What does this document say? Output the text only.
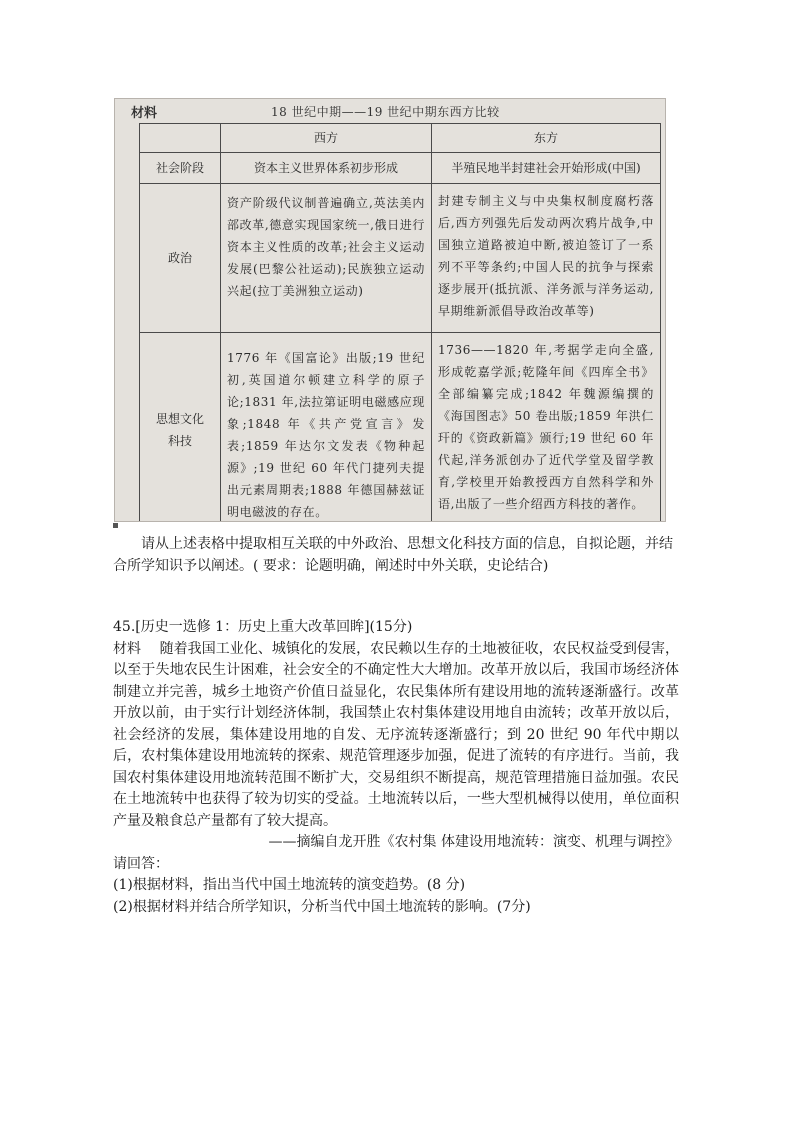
材料	18 世纪中期——19 世纪中期东西方比较
	西方	东方
社会阶段	资本主义世界体系初步形成	半殖民地半封建社会开始形成(中国)

政治	资产阶级代议制普遍确立,英法美内部改革,德意实现国家统一,俄日进行资本主义性质的改革;社会主义运动发展(巴黎公社运动);民族独立运动兴起(拉丁美洲独立运动)	封建专制主义与中央集权制度腐朽落后,西方列强先后发动两次鸦片战争,中国独立道路被迫中断,被迫签订了一系列不平等条约;中国人民的抗争与探索逐步展开(抵抗派、洋务派与洋务运动,早期维新派倡导政治改革等)

思想文化科技	1776 年《国富论》出版;19 世纪初,英国道尔顿建立科学的原子论;1831 年,法拉第证明电磁感应现象;1848 年《共产党宣言》发表;1859 年达尔文发表《物种起源》;19 世纪 60 年代门捷列夫提出元素周期表;1888 年德国赫兹证明电磁波的存在。	1736——1820 年,考据学走向全盛,形成乾嘉学派;乾隆年间《四库全书》全部编纂完成;1842 年魏源编撰的《海国图志》50 卷出版;1859 年洪仁玕的《资政新篇》颁行;19 世纪 60 年代起,洋务派创办了近代学堂及留学教育,学校里开始教授西方自然科学和外语,出版了一些介绍西方科技的著作。
请从上述表格中提取相互关联的中外政治、思想文化科技方面的信息，自拟论题，并结合所学知识予以阐述。( 要求：论题明确，阐述时中外关联，史论结合)

45.[历史一选修 1：历史上重大改革回眸](15分)

材料　 随着我国工业化、城镇化的发展，农民赖以生存的土地被征收，农民权益受到侵害，以至于失地农民生计困难，社会安全的不确定性大大增加。改革开放以后，我国市场经济体制建立并完善，城乡土地资产价值日益显化，农民集体所有建设用地的流转逐渐盛行。改革开放以前，由于实行计划经济体制，我国禁止农村集体建设用地自由流转；改革开放以后，社会经济的发展，集体建设用地的自发、无序流转逐渐盛行；到 20 世纪 90 年代中期以后，农村集体建设用地流转的探索、规范管理逐步加强，促进了流转的有序进行。当前，我国农村集体建设用地流转范围不断扩大，交易组织不断提高，规范管理措施日益加强。农民在土地流转中也获得了较为切实的受益。土地流转以后，一些大型机械得以使用，单位面积产量及粮食总产量都有了较大提高。

——摘编自龙开胜《农村集 体建设用地流转：演变、机理与调控》

请回答：

(1)根据材料，指出当代中国土地流转的演变趋势。(8 分)

(2)根据材料并结合所学知识，分析当代中国土地流转的影响。(7分)
